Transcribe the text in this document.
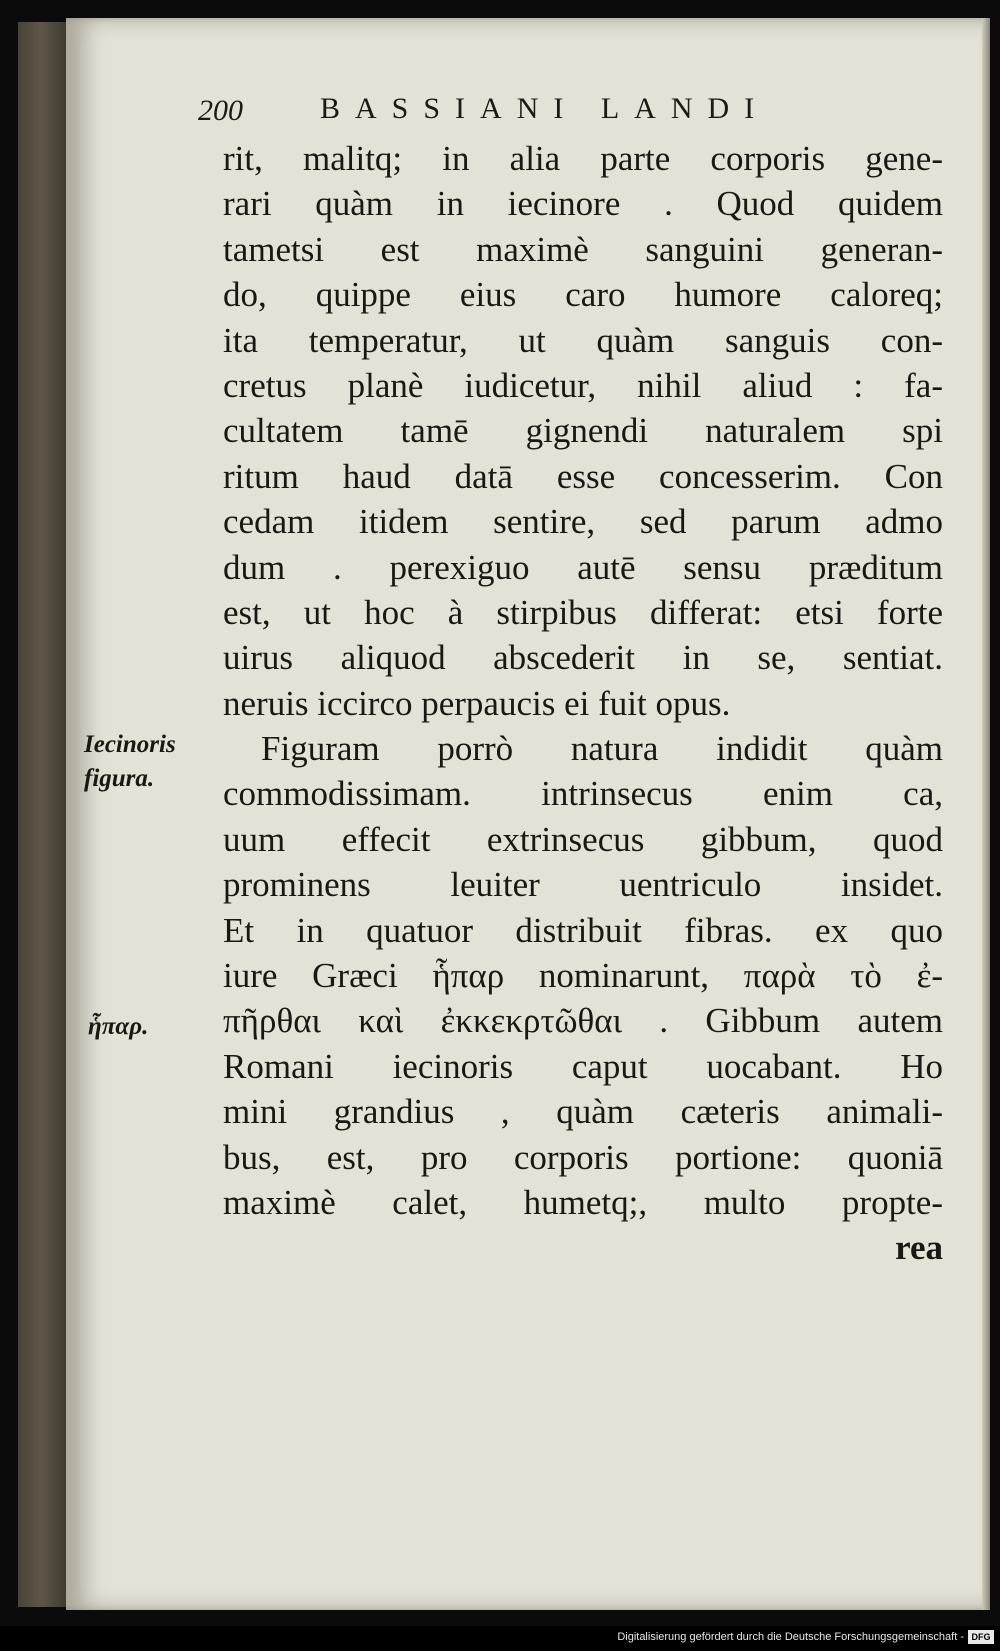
200	BASSIANI LANDI
rit, malitq; in alia parte corporis gene-
rari quàm in iecinore . Quod quidem
tametsi est maximè sanguini generan-
do, quippe eius caro humore caloreq;
ita temperatur, ut quàm sanguis con-
cretus planè iudicetur, nihil aliud : fa-
cultatem tamē gignendi naturalem spi
ritum haud datā esse concesserim. Con
cedam itidem sentire, sed parum admo
dum . perexiguo autē sensu præditum
est, ut hoc à stirpibus differat: etsi forte
uirus aliquod abscederit in se, sentiat.
neruis iccirco perpaucis ei fuit opus.
Figuram porrò natura indidit quàm
commodissimam. intrinsecus enim ca,
uum effecit extrinsecus gibbum, quod
prominens leuiter uentriculo insidet.
Et in quatuor distribuit fibras. ex quo
iure Græci ἧπαρ nominarunt, παρὰ τὸ ἐ-
πῆρθαι καὶ ἐκκεκρτῶθαι . Gibbum autem
Romani iecinoris caput uocabant. Ho
mini grandius , quàm cæteris animali-
bus, est, pro corporis portione: quoniā
maximè calet, humetq;, multo propte-
rea
Iecinoris
figura.
ἧπαρ.
Digitalisierung gefördert durch die Deutsche Forschungsgemeinschaft - DFG
